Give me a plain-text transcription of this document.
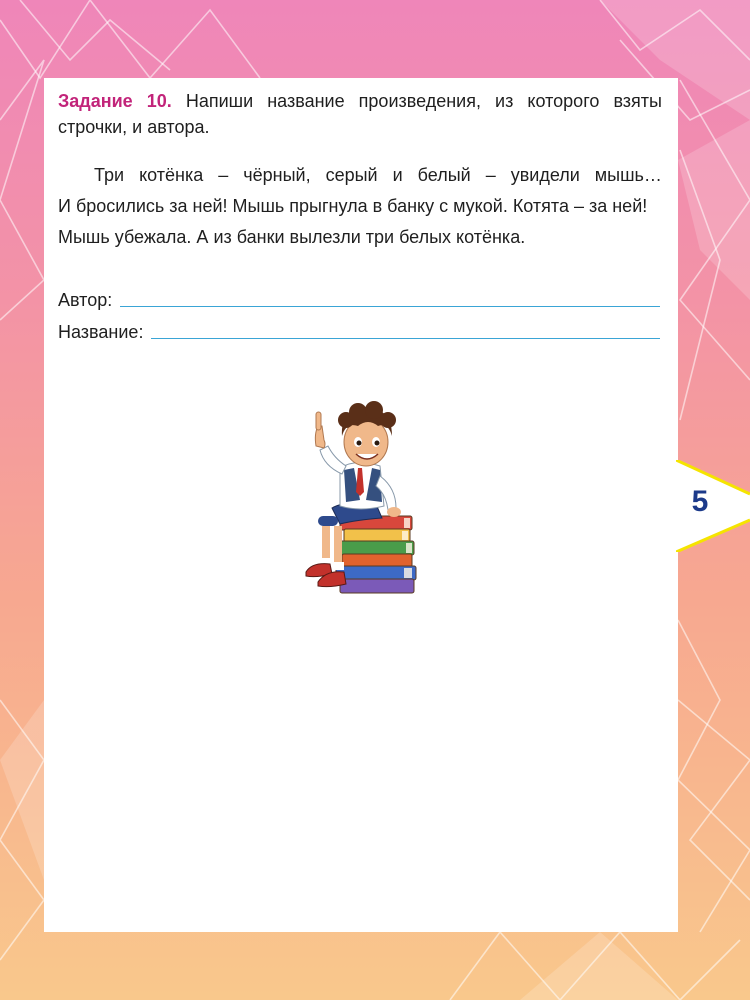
Задание 10. Напиши название произведения, из которого взяты строчки, и автора.
Три котёнка – чёрный, серый и белый – увидели мышь…
И бросились за ней! Мышь прыгнула в банку с мукой. Котята – за ней!
Мышь убежала. А из банки вылезли три белых котёнка.
Автор:
Название:
5
